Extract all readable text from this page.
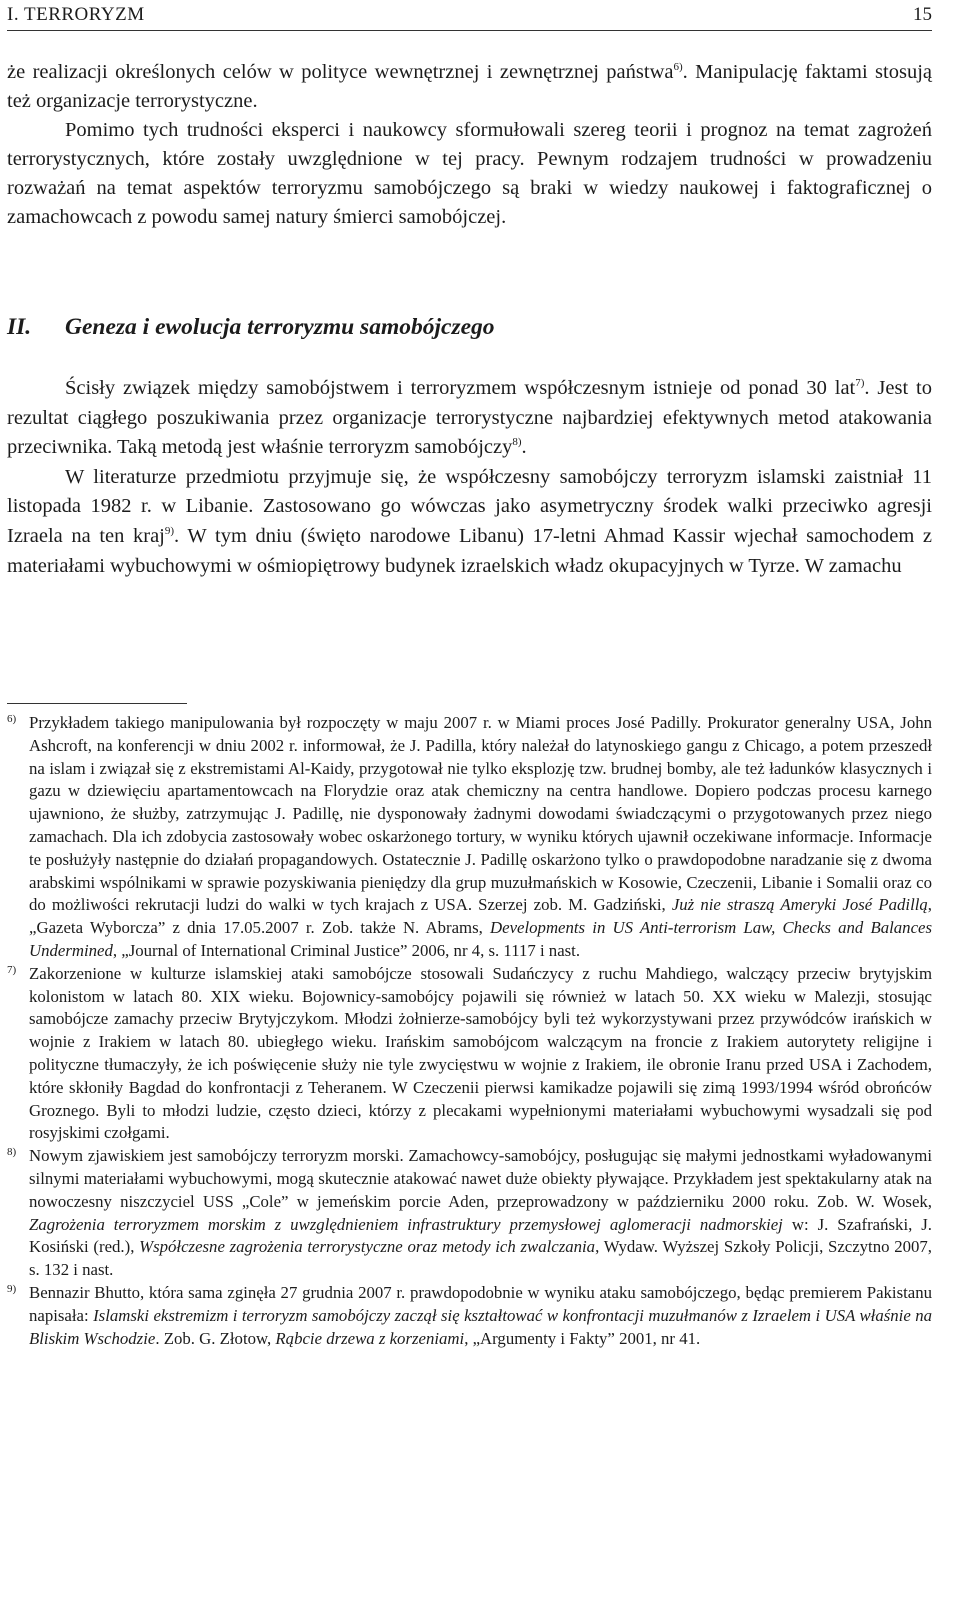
I. TERRORYZM	15

że realizacji określonych celów w polityce wewnętrznej i zewnętrznej państwa$^{6)}$. Manipulację faktami stosują też organizacje terrorystyczne.

Pomimo tych trudności eksperci i naukowcy sformułowali szereg teorii i prognoz na temat zagrożeń terrorystycznych, które zostały uwzględnione w tej pracy. Pewnym rodzajem trudności w prowadzeniu rozważań na temat aspektów terroryzmu samobójczego są braki w wiedzy naukowej i faktograficznej o zamachowcach z powodu samej natury śmierci samobójczej.

II. Geneza i ewolucja terroryzmu samobójczego

Ścisły związek między samobójstwem i terroryzmem współczesnym istnieje od ponad 30 lat$^{7)}$. Jest to rezultat ciągłego poszukiwania przez organizacje terrorystyczne najbardziej efektywnych metod atakowania przeciwnika. Taką metodą jest właśnie terroryzm samobójczy$^{8)}$.

W literaturze przedmiotu przyjmuje się, że współczesny samobójczy terroryzm islamski zaistniał 11 listopada 1982 r. w Libanie. Zastosowano go wówczas jako asymetryczny środek walki przeciwko agresji Izraela na ten kraj$^{9)}$. W tym dniu (święto narodowe Libanu) 17-letni Ahmad Kassir wjechał samochodem z materiałami wybuchowymi w ośmiopiętrowy budynek izraelskich władz okupacyjnych w Tyrze. W zamachu

6) Przykładem takiego manipulowania był rozpoczęty w maju 2007 r. w Miami proces José Padilly. Prokurator generalny USA, John Ashcroft, na konferencji w dniu 2002 r. informował, że J. Padilla, który należał do latynoskiego gangu z Chicago, a potem przeszedł na islam i związał się z ekstremistami Al-Kaidy, przygotował nie tylko eksplozję tzw. brudnej bomby, ale też ładunków klasycznych i gazu w dziewięciu apartamentowcach na Florydzie oraz atak chemiczny na centra handlowe. Dopiero podczas procesu karnego ujawniono, że służby, zatrzymując J. Padillę, nie dysponowały żadnymi dowodami świadczącymi o przygotowanych przez niego zamachach. Dla ich zdobycia zastosowały wobec oskarżonego tortury, w wyniku których ujawnił oczekiwane informacje. Informacje te posłużyły następnie do działań propagandowych. Ostatecznie J. Padillę oskarżono tylko o prawdopodobne naradzanie się z dwoma arabskimi wspólnikami w sprawie pozyskiwania pieniędzy dla grup muzułmańskich w Kosowie, Czeczenii, Libanie i Somalii oraz co do możliwości rekrutacji ludzi do walki w tych krajach z USA. Szerzej zob. M. Gadziński, Już nie straszą Ameryki José Padillą, „Gazeta Wyborcza” z dnia 17.05.2007 r. Zob. także N. Abrams, Developments in US Anti-terrorism Law, Checks and Balances Undermined, „Journal of International Criminal Justice” 2006, nr 4, s. 1117 i nast.

7) Zakorzenione w kulturze islamskiej ataki samobójcze stosowali Sudańczycy z ruchu Mahdiego, walczący przeciw brytyjskim kolonistom w latach 80. XIX wieku. Bojownicy-samobójcy pojawili się również w latach 50. XX wieku w Malezji, stosując samobójcze zamachy przeciw Brytyjczykom. Młodzi żołnierze-samobójcy byli też wykorzystywani przez przywódców irańskich w wojnie z Irakiem w latach 80. ubiegłego wieku. Irańskim samobójcom walczącym na froncie z Irakiem autorytety religijne i polityczne tłumaczyły, że ich poświęcenie służy nie tyle zwycięstwu w wojnie z Irakiem, ile obronie Iranu przed USA i Zachodem, które skłoniły Bagdad do konfrontacji z Teheranem. W Czeczenii pierwsi kamikadze pojawili się zimą 1993/1994 wśród obrońców Groznego. Byli to młodzi ludzie, często dzieci, którzy z plecakami wypełnionymi materiałami wybuchowymi wysadzali się pod rosyjskimi czołgami.

8) Nowym zjawiskiem jest samobójczy terroryzm morski. Zamachowcy-samobójcy, posługując się małymi jednostkami wyładowanymi silnymi materiałami wybuchowymi, mogą skutecznie atakować nawet duże obiekty pływające. Przykładem jest spektakularny atak na nowoczesny niszczyciel USS „Cole” w jemeńskim porcie Aden, przeprowadzony w październiku 2000 roku. Zob. W. Wosek, Zagrożenia terroryzmem morskim z uwzględnieniem infrastruktury przemysłowej aglomeracji nadmorskiej w: J. Szafrański, J. Kosiński (red.), Współczesne zagrożenia terrorystyczne oraz metody ich zwalczania, Wydaw. Wyższej Szkoły Policji, Szczytno 2007, s. 132 i nast.

9) Bennazir Bhutto, która sama zginęła 27 grudnia 2007 r. prawdopodobnie w wyniku ataku samobójczego, będąc premierem Pakistanu napisała: Islamski ekstremizm i terroryzm samobójczy zaczął się kształtować w konfrontacji muzułmanów z Izraelem i USA właśnie na Bliskim Wschodzie. Zob. G. Złotow, Rąbcie drzewa z korzeniami, „Argumenty i Fakty” 2001, nr 41.
